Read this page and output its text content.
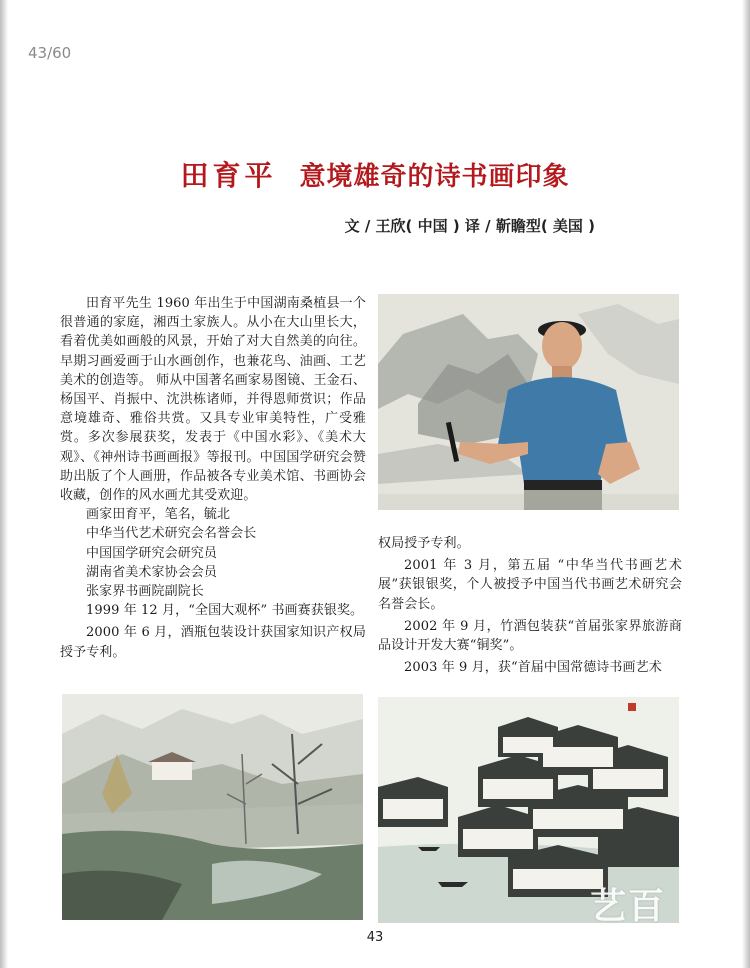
43/60
田育平 意境雄奇的诗书画印象
文 / 王欣( 中国 ) 译 / 靳瞻型( 美国 )

田育平先生 1960 年出生于中国湖南桑植县一个很普通的家庭，湘西土家族人。从小在大山里长大，看着优美如画般的风景，开始了对大自然美的向往。早期习画爱画于山水画创作，也兼花鸟、油画、工艺美术的创造等。 师从中国著名画家易图镜、王金石、杨国平、肖振中、沈洪栋诸师，并得恩师赏识；作品意境雄奇、雅俗共赏。又具专业审美特性，广受雅赏。多次参展获奖，发表于《中国水彩》、《美术大观》、《神州诗书画画报》等报刊。中国国学研究会赞助出版了个人画册，作品被各专业美术馆、书画协会收藏，创作的风水画尤其受欢迎。

画家田育平，笔名，毓北

中华当代艺术研究会名誉会长

中国国学研究会研究员

湖南省美术家协会会员

张家界书画院副院长

1999 年 12 月，“全国大观杯” 书画赛获银奖。

2000 年 6 月，酒瓶包装设计获国家知识产权局授予专利。

权局授予专利。

2001 年 3 月，第五届 “中华当代书画艺术展”获银银奖，个人被授予中国当代书画艺术研究会名誉会长。

2002 年 9 月，竹酒包装获“首届张家界旅游商品设计开发大赛“铜奖”。

2003 年 9 月，获“首届中国常德诗书画艺术

艺百
43
